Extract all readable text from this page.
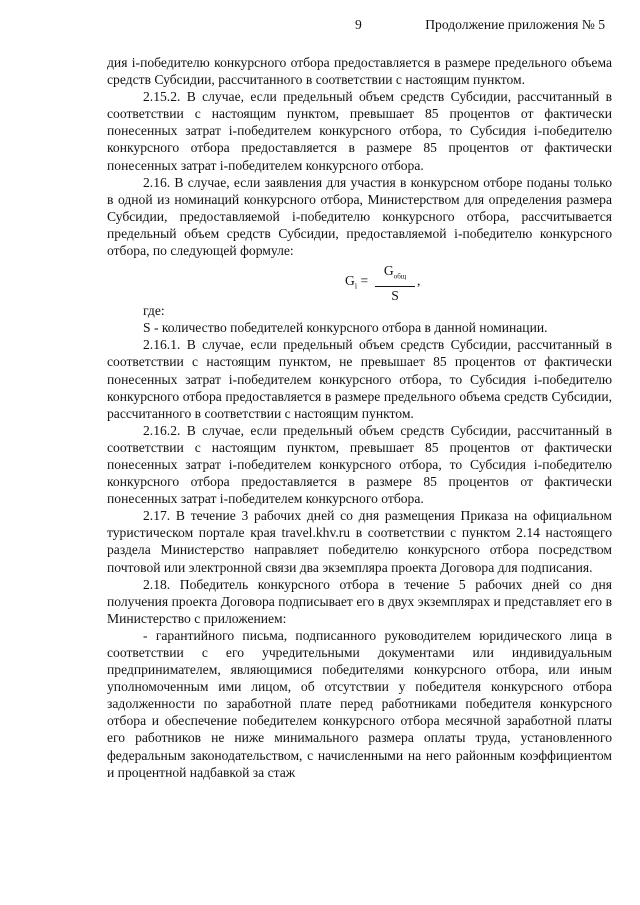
9	Продолжение приложения № 5

дия i-победителю конкурсного отбора предоставляется в размере предельного объема средств Субсидии, рассчитанного в соответствии с настоящим пунктом.

2.15.2. В случае, если предельный объем средств Субсидии, рассчитанный в соответствии с настоящим пунктом, превышает 85 процентов от фактически понесенных затрат i-победителем конкурсного отбора, то Субсидия i-победителю конкурсного отбора предоставляется в размере 85 процентов от фактически понесенных затрат i-победителем конкурсного отбора.

2.16. В случае, если заявления для участия в конкурсном отборе поданы только в одной из номинаций конкурсного отбора, Министерством для определения размера Субсидии, предоставляемой i-победителю конкурсного отбора, рассчитывается предельный объем средств Субсидии, предоставляемой i-победителю конкурсного отбора, по следующей формуле:

$G_i$ =
$G_{общ}$
S
,

где:

S - количество победителей конкурсного отбора в данной номинации.

2.16.1. В случае, если предельный объем средств Субсидии, рассчитанный в соответствии с настоящим пунктом, не превышает 85 процентов от фактически понесенных затрат i-победителем конкурсного отбора, то Субсидия i-победителю конкурсного отбора предоставляется в размере предельного объема средств Субсидии, рассчитанного в соответствии с настоящим пунктом.

2.16.2. В случае, если предельный объем средств Субсидии, рассчитанный в соответствии с настоящим пунктом, превышает 85 процентов от фактически понесенных затрат i-победителем конкурсного отбора, то Субсидия i-победителю конкурсного отбора предоставляется в размере 85 процентов от фактически понесенных затрат i-победителем конкурсного отбора.

2.17. В течение 3 рабочих дней со дня размещения Приказа на официальном туристическом портале края travel.khv.ru в соответствии с пунктом 2.14 настоящего раздела Министерство направляет победителю конкурсного отбора посредством почтовой или электронной связи два экземпляра проекта Договора для подписания.

2.18. Победитель конкурсного отбора в течение 5 рабочих дней со дня получения проекта Договора подписывает его в двух экземплярах и представляет его в Министерство с приложением:

- гарантийного письма, подписанного руководителем юридического лица в соответствии с его учредительными документами или индивидуальным предпринимателем, являющимися победителями конкурсного отбора, или иным уполномоченным ими лицом, об отсутствии у победителя конкурсного отбора задолженности по заработной плате перед работниками победителя конкурсного отбора и обеспечение победителем конкурсного отбора месячной заработной платы его работников не ниже минимального размера оплаты труда, установленного федеральным законодательством, с начисленными на него районным коэффициентом и процентной надбавкой за стаж
